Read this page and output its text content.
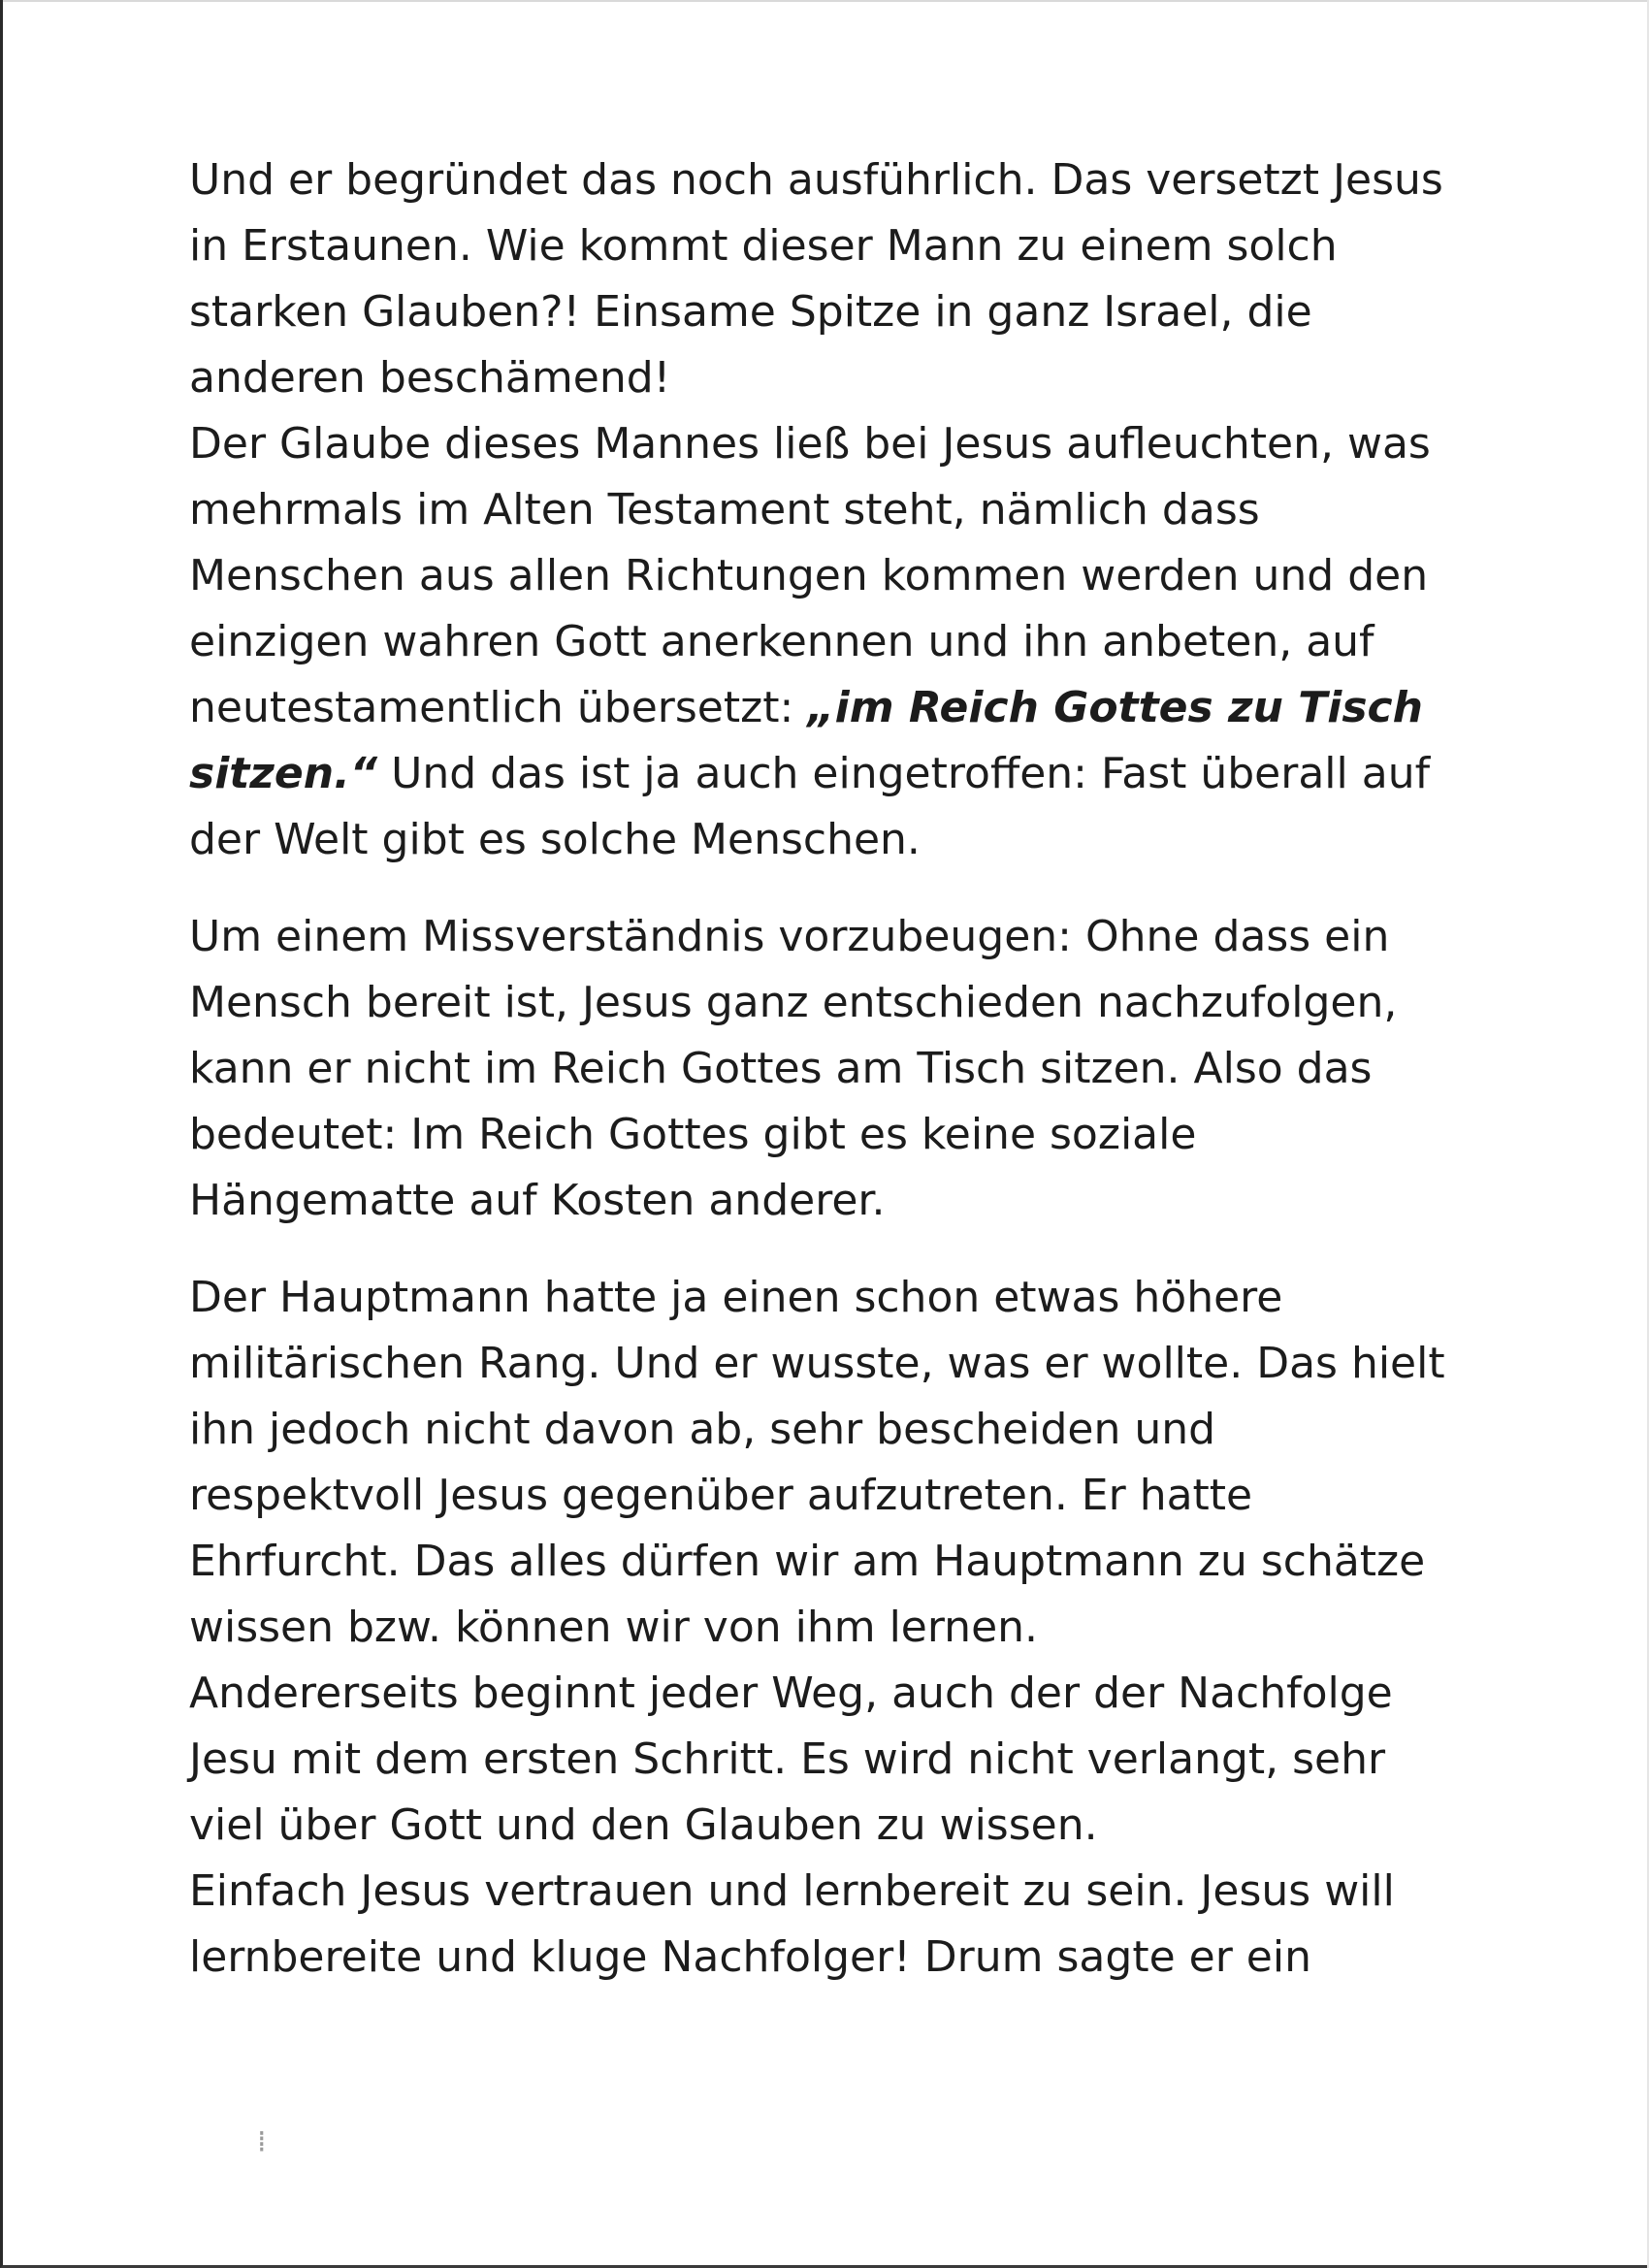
Und er begründet das noch ausführlich. Das versetzt Jesus
in Erstaunen. Wie kommt dieser Mann zu einem solch
starken Glauben?! Einsame Spitze in ganz Israel, die
anderen beschämend!
Der Glaube dieses Mannes ließ bei Jesus aufleuchten, was
mehrmals im Alten Testament steht, nämlich dass
Menschen aus allen Richtungen kommen werden und den
einzigen wahren Gott anerkennen und ihn anbeten, auf
neutestamentlich übersetzt: „im Reich Gottes zu Tisch
sitzen.“ Und das ist ja auch eingetroffen: Fast überall auf
der Welt gibt es solche Menschen.
Um einem Missverständnis vorzubeugen: Ohne dass ein
Mensch bereit ist, Jesus ganz entschieden nachzufolgen,
kann er nicht im Reich Gottes am Tisch sitzen. Also das
bedeutet: Im Reich Gottes gibt es keine soziale
Hängematte auf Kosten anderer.
Der Hauptmann hatte ja einen schon etwas höhere
militärischen Rang. Und er wusste, was er wollte. Das hielt
ihn jedoch nicht davon ab, sehr bescheiden und
respektvoll Jesus gegenüber aufzutreten. Er hatte
Ehrfurcht. Das alles dürfen wir am Hauptmann zu schätze
wissen bzw. können wir von ihm lernen.
Andererseits beginnt jeder Weg, auch der der Nachfolge
Jesu mit dem ersten Schritt. Es wird nicht verlangt, sehr
viel über Gott und den Glauben zu wissen.
Einfach Jesus vertrauen und lernbereit zu sein. Jesus will
lernbereite und kluge Nachfolger! Drum sagte er ein
⁞
